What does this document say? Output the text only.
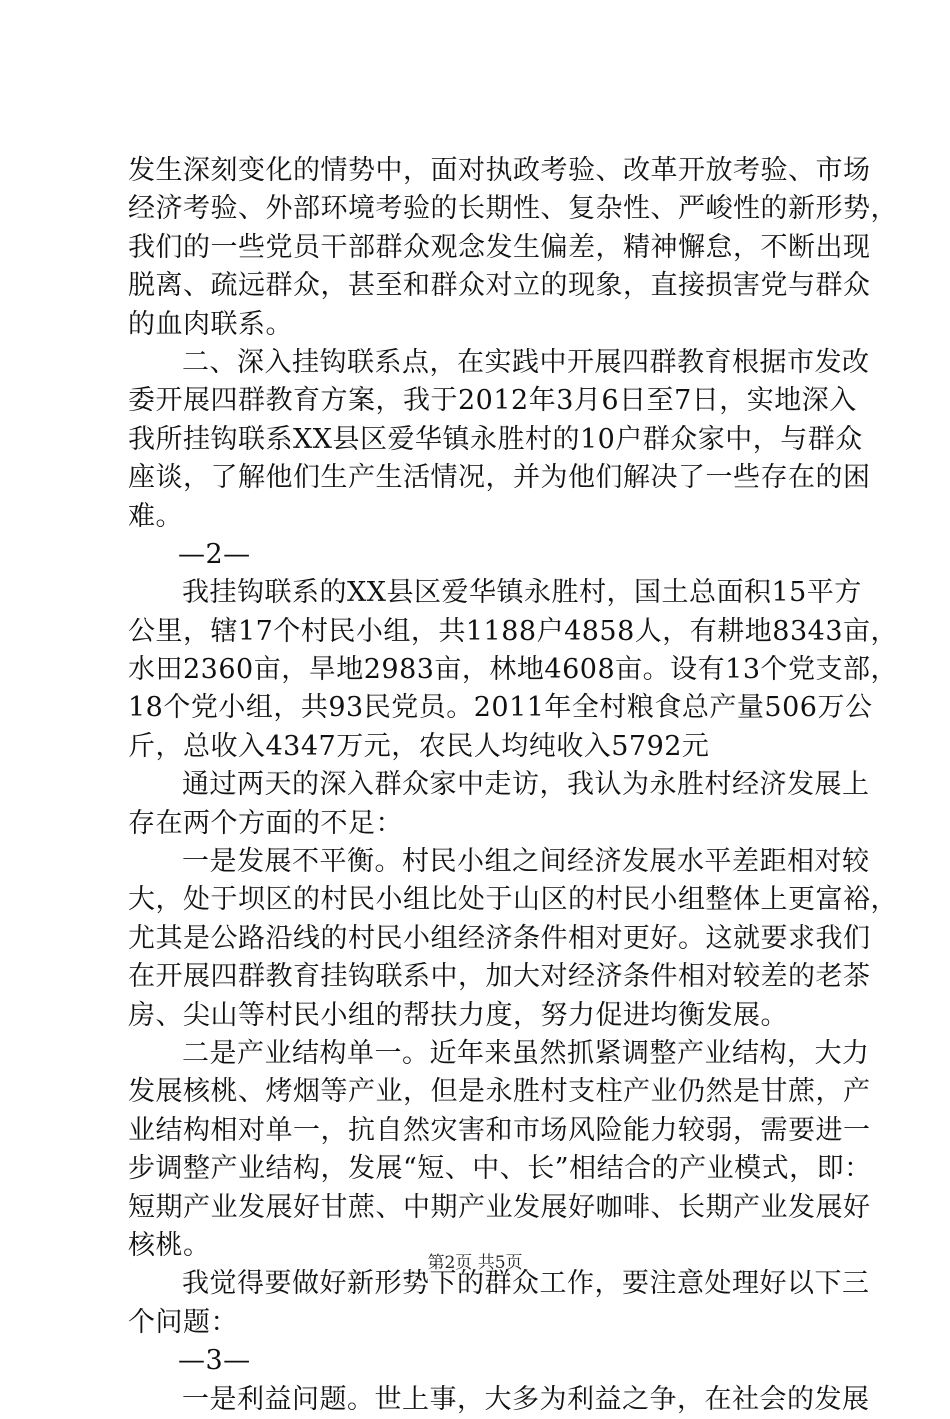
发生深刻变化的情势中，面对执政考验、改革开放考验、市场
经济考验、外部环境考验的长期性、复杂性、严峻性的新形势，
我们的一些党员干部群众观念发生偏差，精神懈怠，不断出现
脱离、疏远群众，甚至和群众对立的现象，直接损害党与群众
的血肉联系。
二、深入挂钩联系点，在实践中开展四群教育根据市发改
委开展四群教育方案，我于2012年3月6日至7日，实地深入
我所挂钩联系XX县区爱华镇永胜村的10户群众家中，与群众
座谈，了解他们生产生活情况，并为他们解决了一些存在的困
难。
—2—
我挂钩联系的XX县区爱华镇永胜村，国土总面积15平方
公里，辖17个村民小组，共1188户4858人，有耕地8343亩，
水田2360亩，旱地2983亩，林地4608亩。设有13个党支部，
18个党小组，共93民党员。2011年全村粮食总产量506万公
斤，总收入4347万元，农民人均纯收入5792元
通过两天的深入群众家中走访，我认为永胜村经济发展上
存在两个方面的不足：
一是发展不平衡。村民小组之间经济发展水平差距相对较
大，处于坝区的村民小组比处于山区的村民小组整体上更富裕，
尤其是公路沿线的村民小组经济条件相对更好。这就要求我们
在开展四群教育挂钩联系中，加大对经济条件相对较差的老茶
房、尖山等村民小组的帮扶力度，努力促进均衡发展。
二是产业结构单一。近年来虽然抓紧调整产业结构，大力
发展核桃、烤烟等产业，但是永胜村支柱产业仍然是甘蔗，产
业结构相对单一，抗自然灾害和市场风险能力较弱，需要进一
步调整产业结构，发展“短、中、长”相结合的产业模式，即：
短期产业发展好甘蔗、中期产业发展好咖啡、长期产业发展好
核桃。
我觉得要做好新形势下的群众工作，要注意处理好以下三
个问题：
—3—
一是利益问题。世上事，大多为利益之争，在社会的发展
第2页 共5页
